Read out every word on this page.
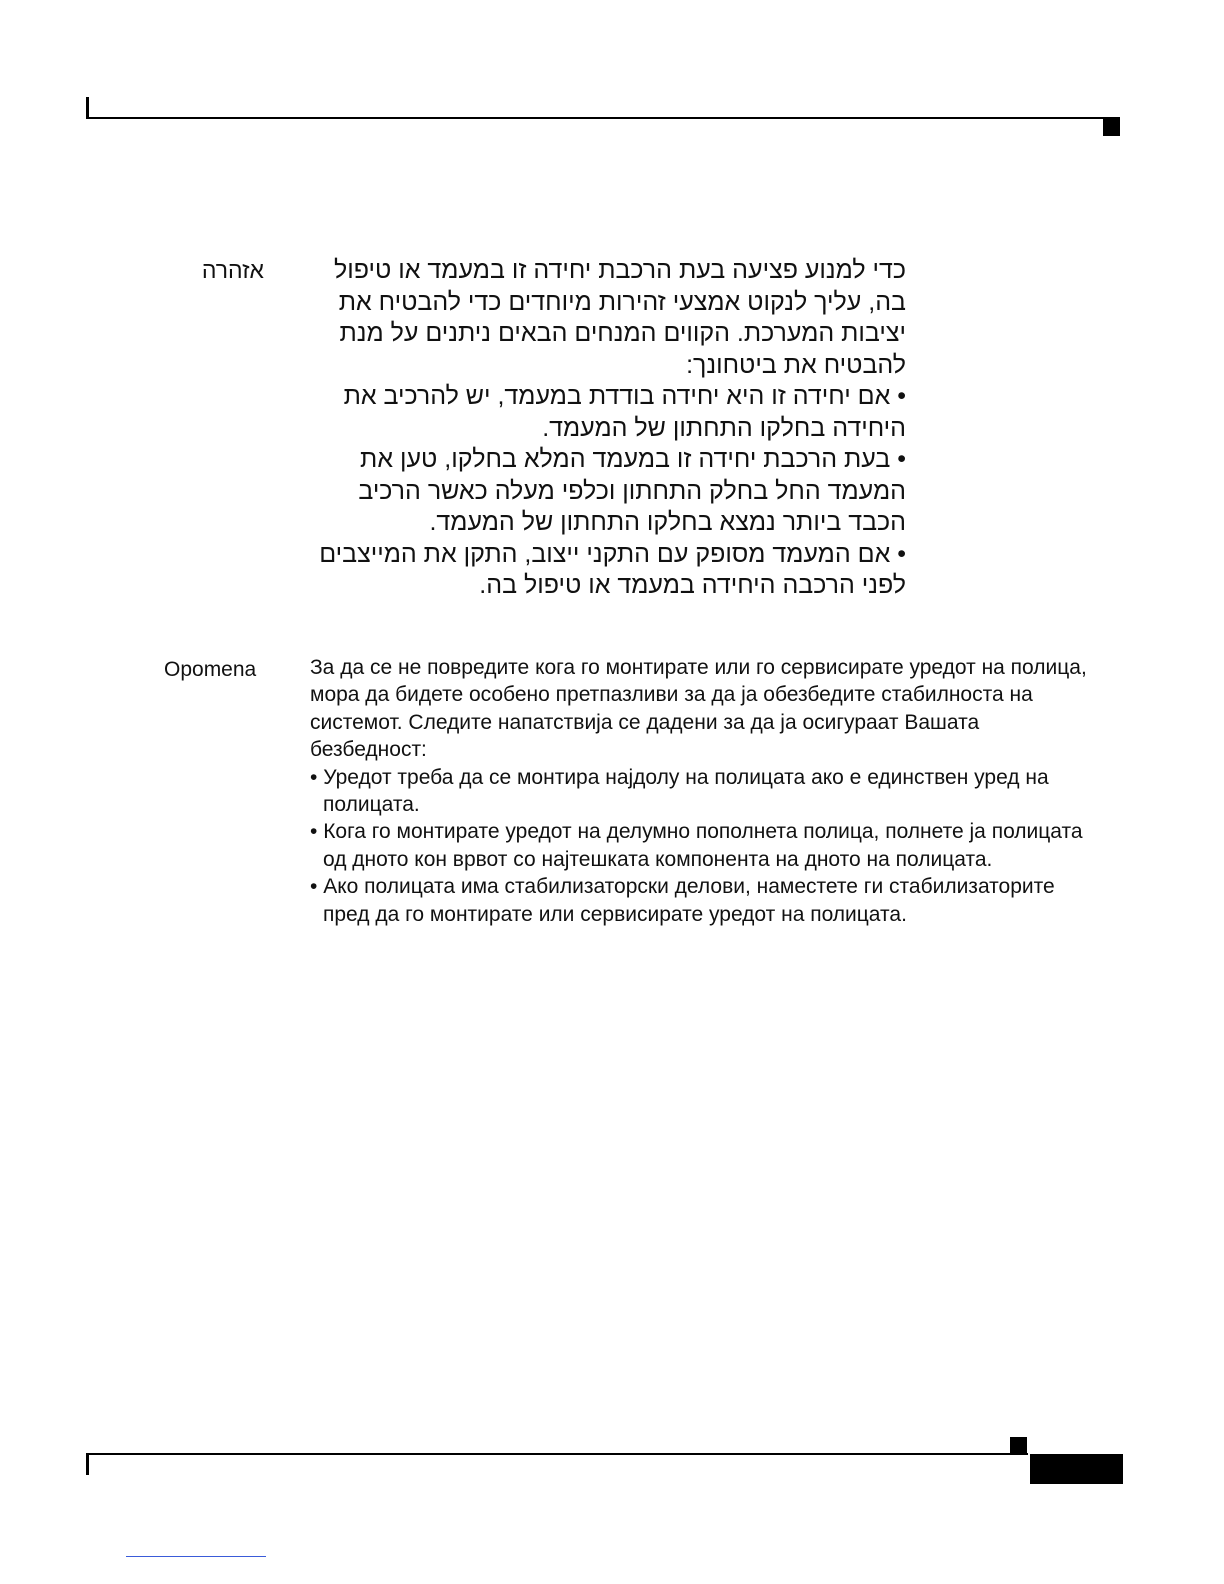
אזהרה	כדי למנוע פציעה בעת הרכבת יחידה זו במעמד או טיפול בה, עליך לנקוט אמצעי זהירות מיוחדים כדי להבטיח את יציבות המערכת. הקווים המנחים הבאים ניתנים על מנת להבטיח את ביטחונך:

• אם יחידה זו היא יחידה בודדת במעמד, יש להרכיב את היחידה בחלקו התחתון של המעמד.
• בעת הרכבת יחידה זו במעמד המלא בחלקו, טען את המעמד החל בחלק התחתון וכלפי מעלה כאשר הרכיב הכבד ביותר נמצא בחלקו התחתון של המעמד.
• אם המעמד מסופק עם התקני ייצוב, התקן את המייצבים לפני הרכבה היחידה במעמד או טיפול בה.
Opomena	За да се не повредите кога го монтирате или го сервисирате уредот на полица, мора да бидете особено претпазливи за да ја обезбедите стабилноста на системот. Следите напатствија се дадени за да ја осигураат Вашата безбедност:

• Уредот треба да се монтира најдолу на полицата ако е единствен уред на полицата.
• Кога го монтирате уредот на делумно пополнета полица, полнете ја полицата од дното кон врвот со најтешката компонента на дното на полицата.
• Ако полицата има стабилизаторски делови, наместете ги стабилизаторите пред да го монтирате или сервисирате уредот на полицата.
